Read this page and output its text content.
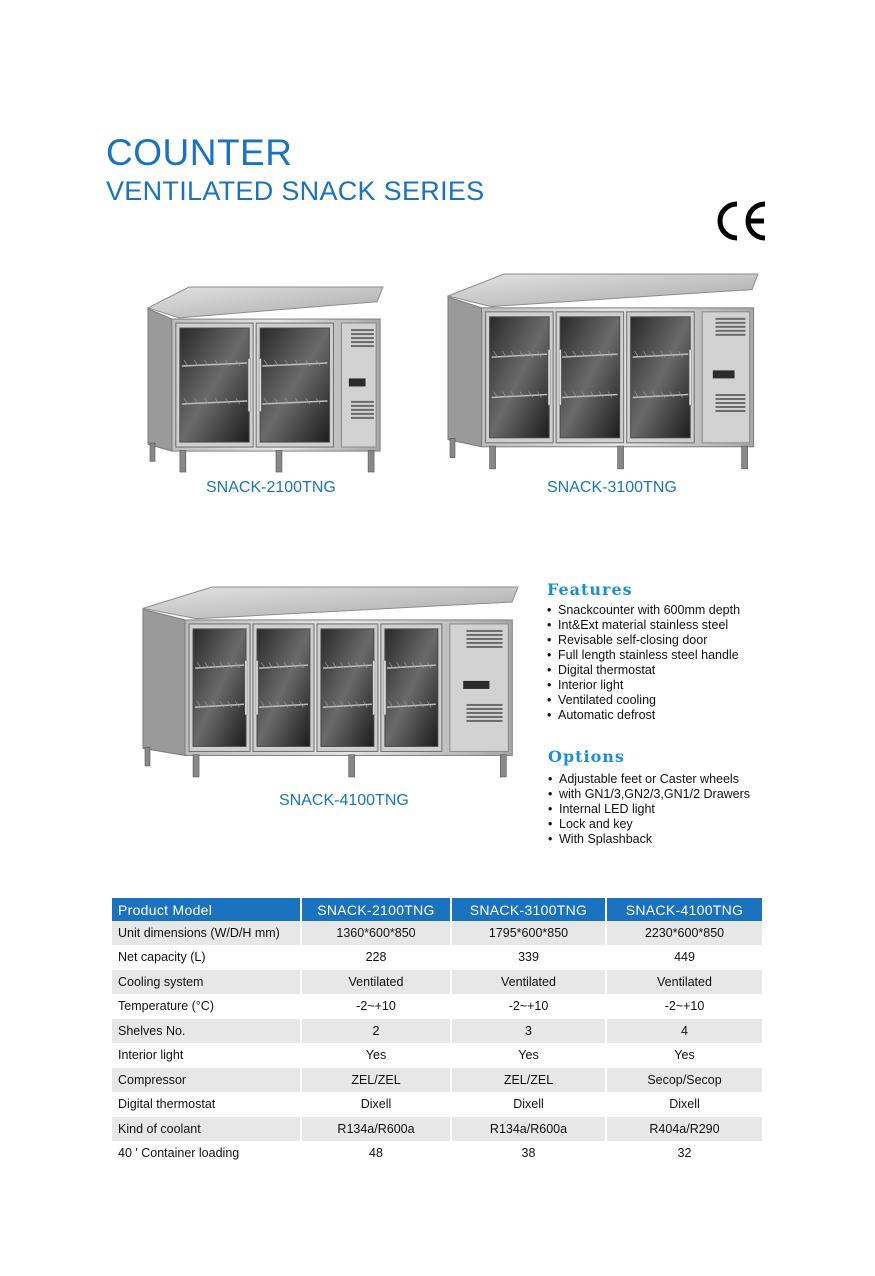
COUNTER
VENTILATED SNACK SERIES
SNACK-2100TNG	SNACK-3100TNG
SNACK-4100TNG
Features
• Snackcounter with 600mm depth
• Int&Ext material stainless steel
• Revisable self-closing door
• Full length stainless steel handle
• Digital thermostat
• Interior light
• Ventilated cooling
• Automatic defrost
Options
• Adjustable feet or Caster wheels
• with GN1/3,GN2/3,GN1/2 Drawers
• Internal LED light
• Lock and key
• With Splashback
Product Model	SNACK-2100TNG	SNACK-3100TNG	SNACK-4100TNG
Unit dimensions (W/D/H mm)	1360*600*850	1795*600*850	2230*600*850
Net capacity (L)	228	339	449
Cooling system	Ventilated	Ventilated	Ventilated
Temperature (°C)	-2~+10	-2~+10	-2~+10
Shelves No.	2	3	4
Interior light	Yes	Yes	Yes
Compressor	ZEL/ZEL	ZEL/ZEL	Secop/Secop
Digital thermostat	Dixell	Dixell	Dixell
Kind of coolant	R134a/R600a	R134a/R600a	R404a/R290
40 ' Container loading	48	38	32
